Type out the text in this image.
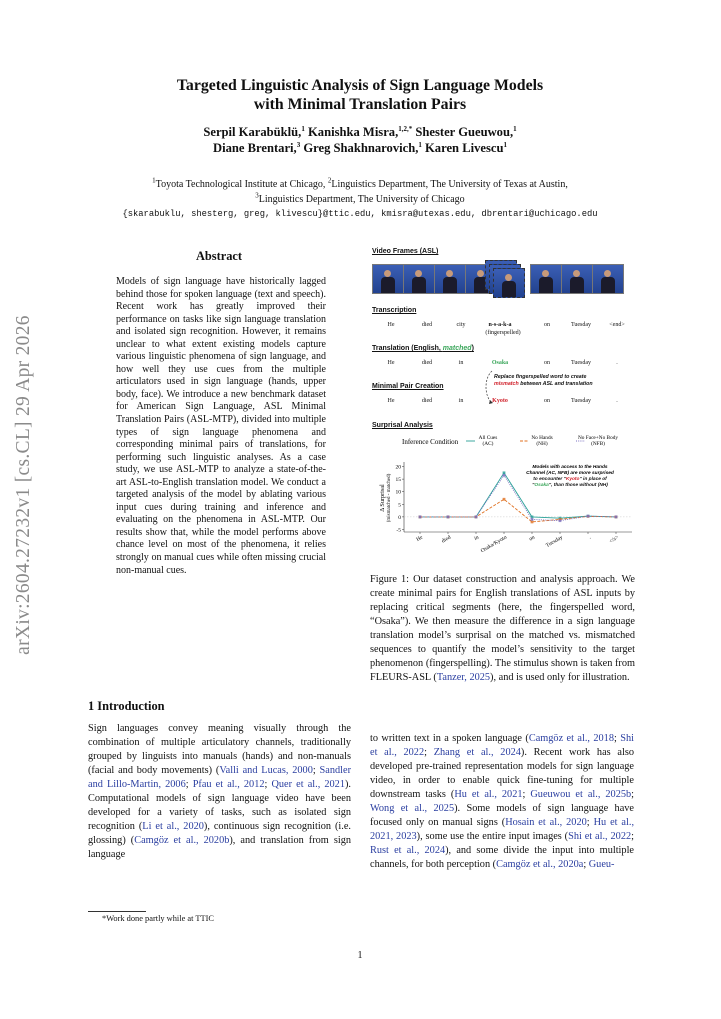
arXiv:2604.27232v1 [cs.CL] 29 Apr 2026
Targeted Linguistic Analysis of Sign Language Models
with Minimal Translation Pairs
Serpil Karabüklü,$^1$ Kanishka Misra,$^{1,2,*}$ Shester Gueuwou,$^1$
Diane Brentari,$^3$ Greg Shakhnarovich,$^1$ Karen Livescu$^1$
$^1$Toyota Technological Institute at Chicago, $^2$Linguistics Department, The University of Texas at Austin,
$^3$Linguistics Department, The University of Chicago
{skarabuklu, shesterg, greg, klivescu}@ttic.edu, kmisra@utexas.edu, dbrentari@uchicago.edu
Abstract
Models of sign language have historically lagged behind those for spoken language (text and speech). Recent work has greatly improved their performance on tasks like sign language translation and isolated sign recognition. However, it remains unclear to what extent existing models capture various linguistic phenomena of sign language, and how well they use cues from the multiple articulators used in sign language (hands, upper body, face). We introduce a new benchmark dataset for American Sign Language, ASL Minimal Translation Pairs (ASL-MTP), divided into multiple types of sign language phenomena and corresponding minimal pairs of translations, for performing such linguistic analyses. As a case study, we use ASL-MTP to analyze a state-of-the-art ASL-to-English translation model. We conduct a targeted analysis of the model by ablating various input cues during training and inference and evaluating on the phenomena in ASL-MTP. Our results show that, while the model performs above chance level on most of the phenomena, it relies strongly on manual cues while often missing crucial non-manual cues.
1 Introduction
Sign languages convey meaning visually through the combination of multiple articulatory channels, traditionally grouped by linguists into manuals (hands) and non-manuals (facial and body movements) (Valli and Lucas, 2000; Sandler and Lillo-Martin, 2006; Pfau et al., 2012; Quer et al., 2021). Computational models of sign language video have been developed for a variety of tasks, such as isolated sign recognition (Li et al., 2020), continuous sign recognition (i.e. glossing) (Camgöz et al., 2020b), and translation from sign language
to written text in a spoken language (Camgöz et al., 2018; Shi et al., 2022; Zhang et al., 2024). Recent work has also developed pre-trained representation models for sign language video, in order to enable quick fine-tuning for multiple downstream tasks (Hu et al., 2021; Gueuwou et al., 2025b; Wong et al., 2025). Some models of sign language have focused only on manual signs (Hosain et al., 2020; Hu et al., 2021, 2023), some use the entire input images (Shi et al., 2022; Rust et al., 2024), and some divide the input into multiple channels, for both perception (Camgöz et al., 2020a; Gueu-
*Work done partly while at TTIC
1
Video Frames (ASL)
Transcription
He	died	city	n-s-a-k-a
(fingerspelled)
on	Tuesday	<end>
Translation (English, matched)
He	died	in	Osaka	on	Tuesday	.
Replace fingerspelled word to create
mismatch between ASL and translation
Minimal Pair Creation
He	died	in	Kyoto	on	Tuesday	.
Surprisal Analysis
Inference Condition	All Cues
(AC)
No Hands
(NH)
No Face+No Body
(NFB)
-5
0
5
10
15
20
Δ Surprisal (mismatched - matched)
He	died	in Osaka/Kyoto	on Tuesday	.	</s>
Models with access to the Hands
Channel (AC, NFB) are more surprised
to encounter "Kyoto" in place of
"Osaka", than those without (NH)
Figure 1: Our dataset construction and analysis approach. We create minimal pairs for English translations of ASL inputs by replacing critical segments (here, the fingerspelled word, “Osaka”). We then measure the difference in a sign language translation model’s surprisal on the matched vs. mismatched sequences to quantify the model’s sensitivity to the target phenomenon (fingerspelling). The stimulus shown is taken from FLEURS-ASL (Tanzer, 2025), and is used only for illustration.
